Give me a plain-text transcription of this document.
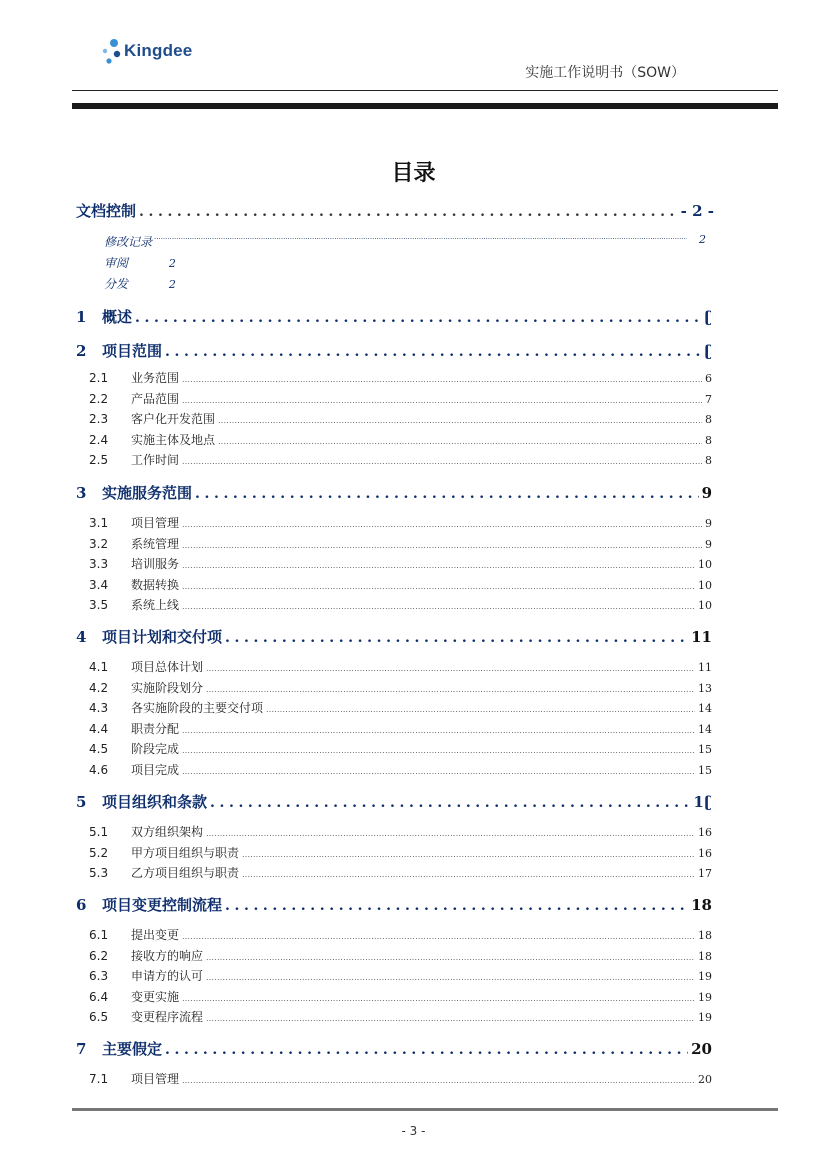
Kingdee
实施工作说明书（SOW）
目录
文档控制 .....	- 2 -
修改记录 .....	2
审阅	2
分发	2
1	概述 .....	ʗ
2	项目范围 .....	ʗ
2.1	业务范围 .....	6
2.2	产品范围 .....	7
2.3	客户化开发范围 .....	8
2.4	实施主体及地点 .....	8
2.5	工作时间 .....	8
3	实施服务范围 .....	9
3.1	项目管理 .....	9
3.2	系统管理 .....	9
3.3	培训服务 .....	10
3.4	数据转换 .....	10
3.5	系统上线 .....	10
4	项目计划和交付项 .....	11
4.1	项目总体计划 .....	11
4.2	实施阶段划分 .....	13
4.3	各实施阶段的主要交付项 .....	14
4.4	职责分配 .....	14
4.5	阶段完成 .....	15
4.6	项目完成 .....	15
5	项目组织和条款 .....	1ʗ
5.1	双方组织架构 .....	16
5.2	甲方项目组织与职责 .....	16
5.3	乙方项目组织与职责 .....	17
6	项目变更控制流程 .....	18
6.1	提出变更 .....	18
6.2	接收方的响应 .....	18
6.3	申请方的认可 .....	19
6.4	变更实施 .....	19
6.5	变更程序流程 .....	19
7	主要假定 .....	20
7.1	项目管理 .....	20
- 3 -
